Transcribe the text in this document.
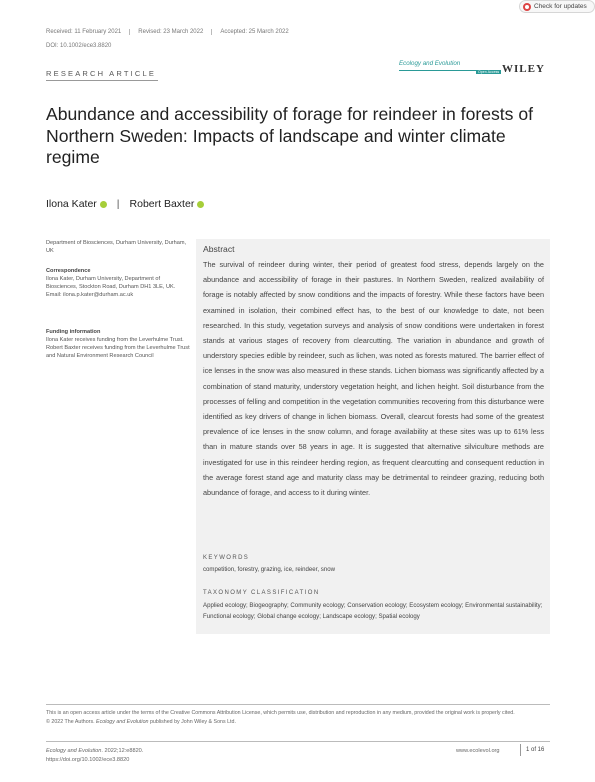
Check for updates
Received: 11 February 2021	Revised: 23 March 2022	Accepted: 25 March 2022
DOI: 10.1002/ece3.8820
RESEARCH ARTICLE
Ecology and Evolution
Open Access WILEY
Abundance and accessibility of forage for reindeer in forests of Northern Sweden: Impacts of landscape and winter climate regime
Ilona Kater | Robert Baxter
Department of Biosciences, Durham University, Durham, UK
Correspondence
Ilona Kater, Durham University, Department of Biosciences, Stockton Road, Durham DH1 3LE, UK.
Email: ilona.p.kater@durham.ac.uk
Funding information
Ilona Kater receives funding from the Leverhulme Trust. Robert Baxter receives funding from the Leverhulme Trust and Natural Environment Research Council
Abstract
The survival of reindeer during winter, their period of greatest food stress, depends largely on the abundance and accessibility of forage in their pastures. In Northern Sweden, realized availability of forage is notably affected by snow conditions and the impacts of forestry. While these factors have been examined in isolation, their combined effect has, to the best of our knowledge to date, not been researched. In this study, vegetation surveys and analysis of snow conditions were undertaken in forest stands at various stages of recovery from clearcutting. The variation in abundance and growth of understory species edible by reindeer, such as lichen, was noted as forests matured. The barrier effect of ice lenses in the snow was also measured in these stands. Lichen biomass was significantly affected by a combination of stand maturity, understory vegetation height, and lichen height. Soil disturbance from the processes of felling and competition in the vegetation communities recovering from this disturbance were identified as key drivers of change in lichen biomass. Overall, clearcut forests had some of the greatest prevalence of ice lenses in the snow column, and forage availability at these sites was up to 61% less than in mature stands over 58 years in age. It is suggested that alternative silviculture methods are investigated for use in this reindeer herding region, as frequent clearcutting and consequent reduction in the average forest stand age and maturity class may be detrimental to reindeer grazing, reducing both abundance of forage, and access to it during winter.
KEYWORDS
competition, forestry, grazing, ice, reindeer, snow
TAXONOMY CLASSIFICATION
Applied ecology; Biogeography; Community ecology; Conservation ecology; Ecosystem ecology; Environmental sustainability; Functional ecology; Global change ecology; Landscape ecology; Spatial ecology
This is an open access article under the terms of the Creative Commons Attribution License, which permits use, distribution and reproduction in any medium, provided the original work is properly cited.
© 2022 The Authors. Ecology and Evolution published by John Wiley & Sons Ltd.
Ecology and Evolution. 2022;12:e8820.
https://doi.org/10.1002/ece3.8820
www.ecolevol.org	1 of 16
